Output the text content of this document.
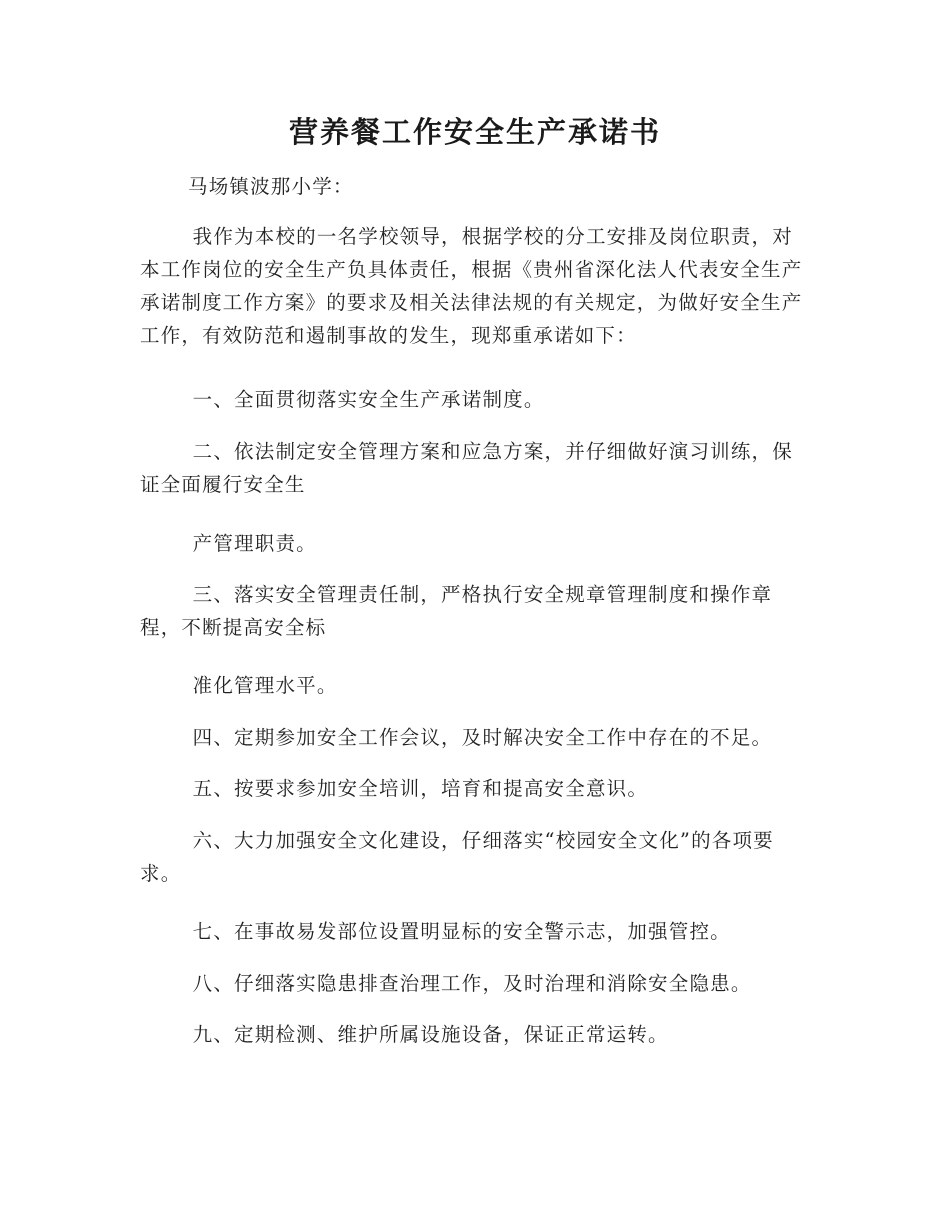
营养餐工作安全生产承诺书

马场镇波那小学：

我作为本校的一名学校领导，根据学校的分工安排及岗位职责，对本工作岗位的安全生产负具体责任，根据《贵州省深化法人代表安全生产承诺制度工作方案》的要求及相关法律法规的有关规定，为做好安全生产工作，有效防范和遏制事故的发生，现郑重承诺如下：

一、全面贯彻落实安全生产承诺制度。

二、依法制定安全管理方案和应急方案，并仔细做好演习训练，保证全面履行安全生

产管理职责。

三、落实安全管理责任制，严格执行安全规章管理制度和操作章程，不断提高安全标

准化管理水平。

四、定期参加安全工作会议，及时解决安全工作中存在的不足。

五、按要求参加安全培训，培育和提高安全意识。

六、大力加强安全文化建设，仔细落实“校园安全文化”的各项要求。

七、在事故易发部位设置明显标的安全警示志，加强管控。

八、仔细落实隐患排查治理工作，及时治理和消除安全隐患。

九、定期检测、维护所属设施设备，保证正常运转。
